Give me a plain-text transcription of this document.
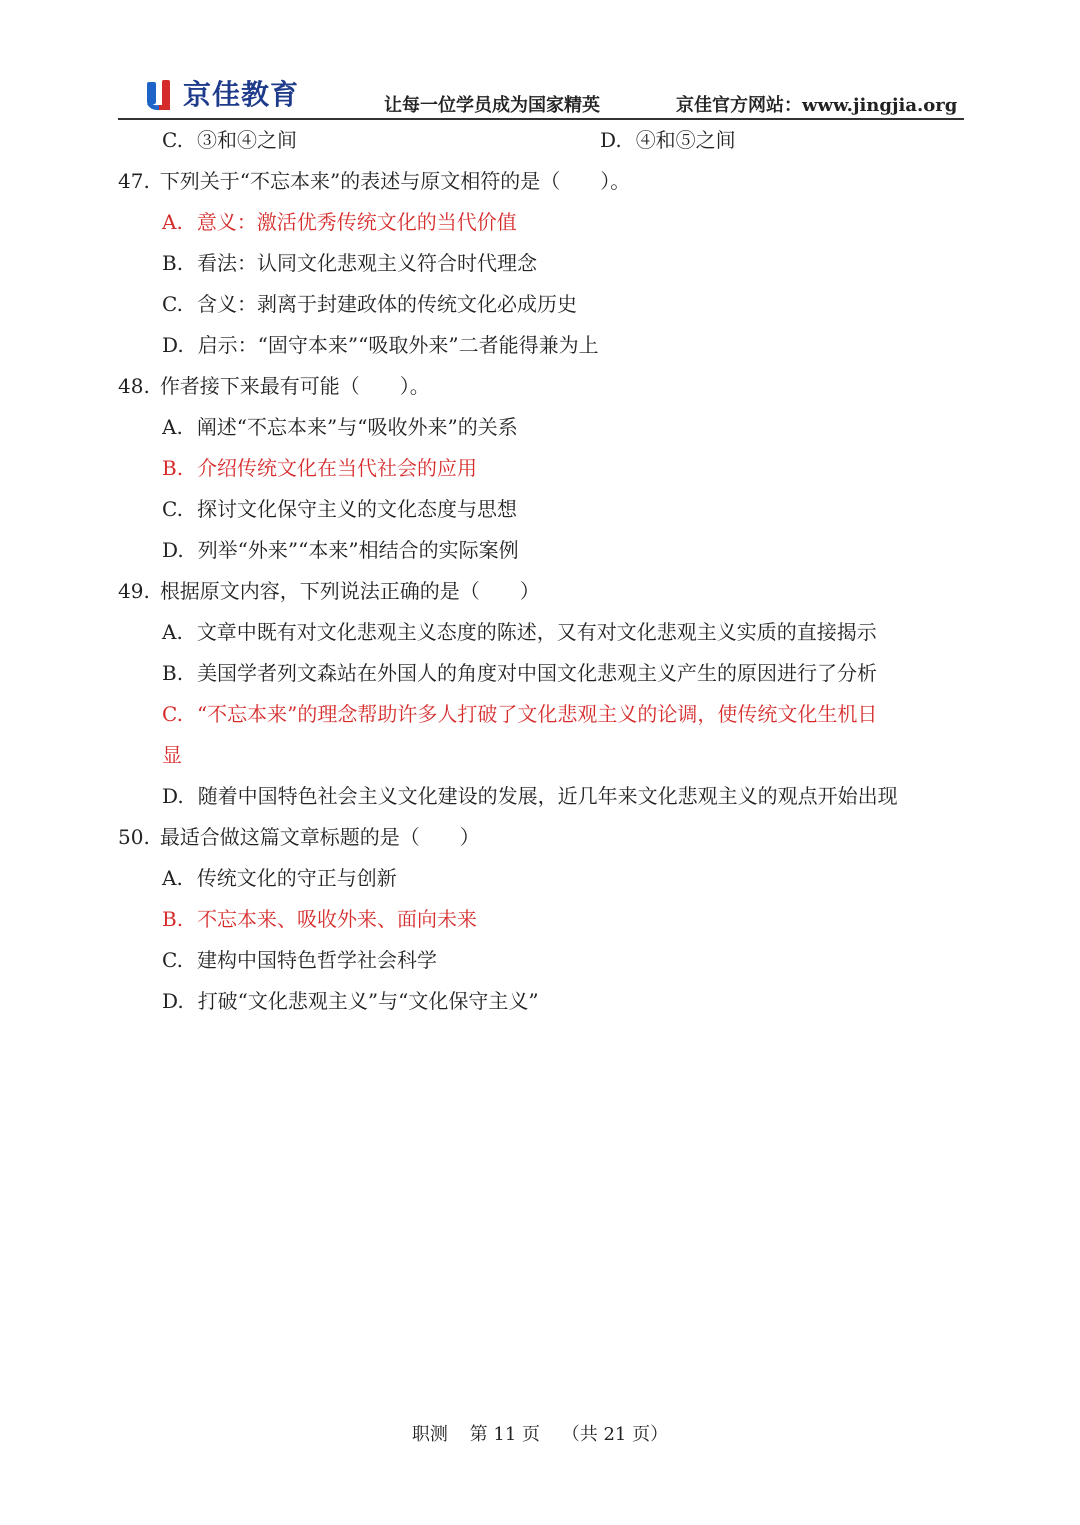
京佳教育	让每一位学员成为国家精英	京佳官方网站：www.jingjia.org
C. ③和④之间	D. ④和⑤之间
47. 下列关于“不忘本来”的表述与原文相符的是（　　）。
A. 意义：激活优秀传统文化的当代价值
B. 看法：认同文化悲观主义符合时代理念
C. 含义：剥离于封建政体的传统文化必成历史
D. 启示：“固守本来”“吸取外来”二者能得兼为上
48. 作者接下来最有可能（　　）。
A. 阐述“不忘本来”与“吸收外来”的关系
B. 介绍传统文化在当代社会的应用
C. 探讨文化保守主义的文化态度与思想
D. 列举“外来”“本来”相结合的实际案例
49. 根据原文内容，下列说法正确的是（　　）
A. 文章中既有对文化悲观主义态度的陈述，又有对文化悲观主义实质的直接揭示
B. 美国学者列文森站在外国人的角度对中国文化悲观主义产生的原因进行了分析
C. “不忘本来”的理念帮助许多人打破了文化悲观主义的论调，使传统文化生机日
显
D. 随着中国特色社会主义文化建设的发展，近几年来文化悲观主义的观点开始出现
50. 最适合做这篇文章标题的是（　　）
A. 传统文化的守正与创新
B. 不忘本来、吸收外来、面向未来
C. 建构中国特色哲学社会科学
D. 打破“文化悲观主义”与“文化保守主义”
职测 第 11 页 （共 21 页）
